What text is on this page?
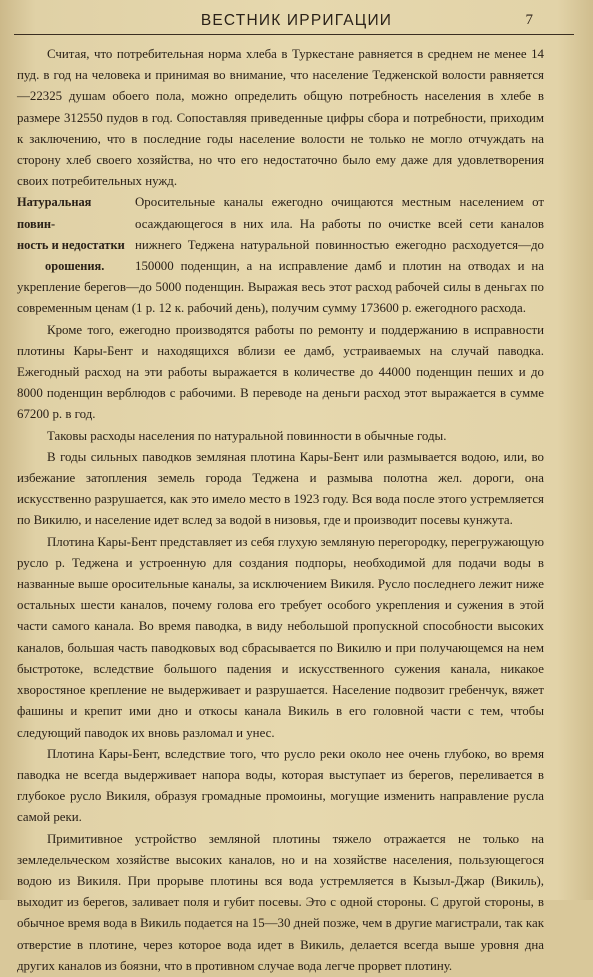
ВЕСТНИК ИРРИГАЦИИ	7

Считая, что потребительная норма хлеба в Туркестане равняется в среднем не менее 14 пуд. в год на человека и принимая во внимание, что население Тедженской волости равняется—22325 душам обоего пола, можно определить общую потребность населения в хлебе в размере 312550 пудов в год. Сопоставляя приведенные цифры сбора и потребности, приходим к заключению, что в последние годы население волости не только не могло отчуждать на сторону хлеб своего хозяйства, но что его недостаточно было ему даже для удовлетворения своих потребительных нужд.

Натуральная повин-
ность и недостатки
орошения.
Оросительные каналы ежегодно очищаются местным населением от осаждающегося в них ила. На работы по очистке всей сети каналов нижнего Теджена натуральной повинностью ежегодно расходуется—до 150000 поденщин, а на исправление дамб и плотин на отводах и на укрепление берегов—до 5000 поденщин. Выражая весь этот расход рабочей силы в деньгах по современным ценам (1 р. 12 к. рабочий день), получим сумму 173600 р. ежегодного расхода.

Кроме того, ежегодно производятся работы по ремонту и поддержанию в исправности плотины Кары-Бент и находящихся вблизи ее дамб, устраиваемых на случай паводка. Ежегодный расход на эти работы выражается в количестве до 44000 поденщин пеших и до 8000 поденщин верблюдов с рабочими. В переводе на деньги расход этот выражается в сумме 67200 р. в год.

Таковы расходы населения по натуральной повинности в обычные годы.

В годы сильных паводков земляная плотина Кары-Бент или размывается водою, или, во избежание затопления земель города Теджена и размыва полотна жел. дороги, она искусственно разрушается, как это имело место в 1923 году. Вся вода после этого устремляется по Викилю, и население идет вслед за водой в низовья, где и производит посевы кунжута.

Плотина Кары-Бент представляет из себя глухую земляную перегородку, перегружающую русло р. Теджена и устроенную для создания подпоры, необходимой для подачи воды в названные выше оросительные каналы, за исключением Викиля. Русло последнего лежит ниже остальных шести каналов, почему голова его требует особого укрепления и сужения в этой части самого канала. Во время паводка, в виду небольшой пропускной способности высоких каналов, большая часть паводковых вод сбрасывается по Викилю и при получающемся на нем быстротоке, вследствие большого падения и искусственного сужения канала, никакое хворостяное крепление не выдерживает и разрушается. Население подвозит гребенчук, вяжет фашины и крепит ими дно и откосы канала Викиль в его головной части с тем, чтобы следующий паводок их вновь разломал и унес.

Плотина Кары-Бент, вследствие того, что русло реки около нее очень глубоко, во время паводка не всегда выдерживает напора воды, которая выступает из берегов, переливается в глубокое русло Викиля, образуя громадные промоины, могущие изменить направление русла самой реки.

Примитивное устройство земляной плотины тяжело отражается не только на земледельческом хозяйстве высоких каналов, но и на хозяйстве населения, пользующегося водою из Викиля. При прорыве плотины вся вода устремляется в Кызыл-Джар (Викиль), выходит из берегов, заливает поля и губит посевы. Это с одной стороны. С другой стороны, в обычное время вода в Викиль подается на 15—30 дней позже, чем в другие магистрали, так как отверстие в плотине, через которое вода идет в Викиль, делается всегда выше уровня дна других каналов из боязни, что в противном случае вода легче прорвет плотину.
